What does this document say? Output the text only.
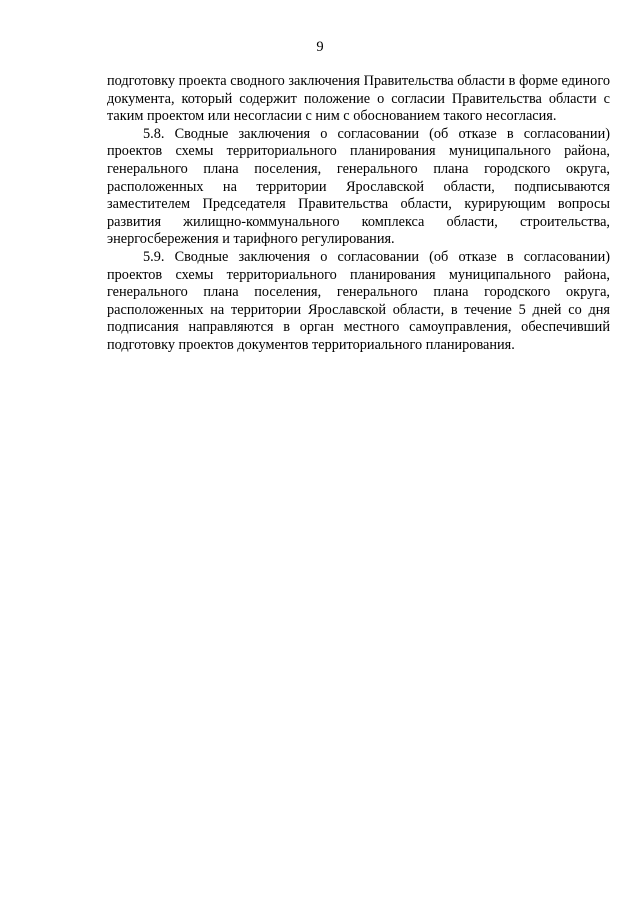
9

подготовку проекта сводного заключения Правительства области в форме единого документа, который содержит положение о согласии Правительства области с таким проектом или несогласии с ним с обоснованием такого несогласия.

5.8. Сводные заключения о согласовании (об отказе в согласовании) проектов схемы территориального планирования муниципального района, генерального плана поселения, генерального плана городского округа, расположенных на территории Ярославской области, подписываются заместителем Председателя Правительства области, курирующим вопросы развития жилищно-коммунального комплекса области, строительства, энергосбережения и тарифного регулирования.

5.9. Сводные заключения о согласовании (об отказе в согласовании) проектов схемы территориального планирования муниципального района, генерального плана поселения, генерального плана городского округа, расположенных на территории Ярославской области, в течение 5 дней со дня подписания направляются в орган местного самоуправления, обеспечивший подготовку проектов документов территориального планирования.
